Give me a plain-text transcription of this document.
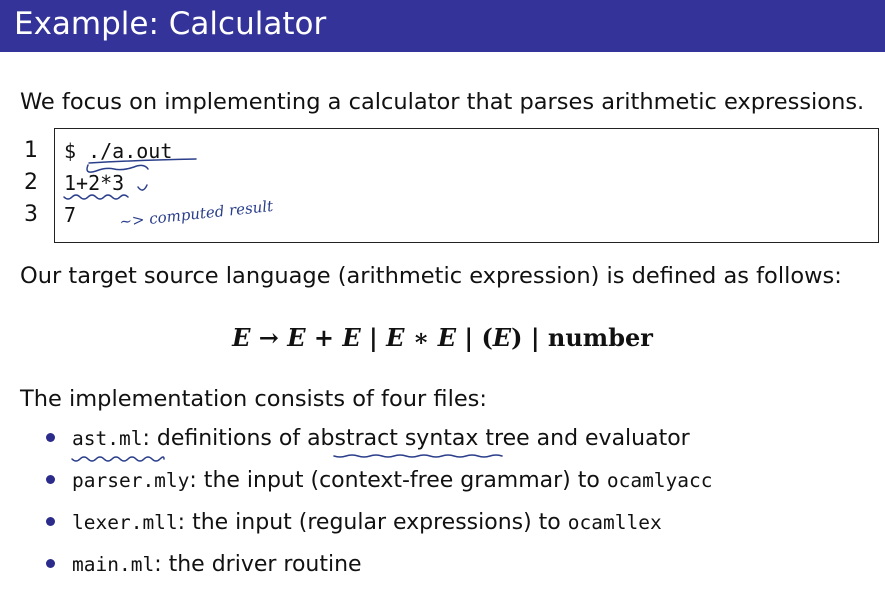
Example: Calculator
We focus on implementing a calculator that parses arithmetic expressions.
1
2
3
$ ./a.out
1+2*3
7
Our target source language (arithmetic expression) is defined as follows:
E → E + E | E ∗ E | (E) | number
The implementation consists of four files:
ast.ml: definitions of abstract syntax tree and evaluator
parser.mly: the input (context-free grammar) to ocamlyacc
lexer.mll: the input (regular expressions) to ocamllex
main.ml: the driver routine
~> computed result
